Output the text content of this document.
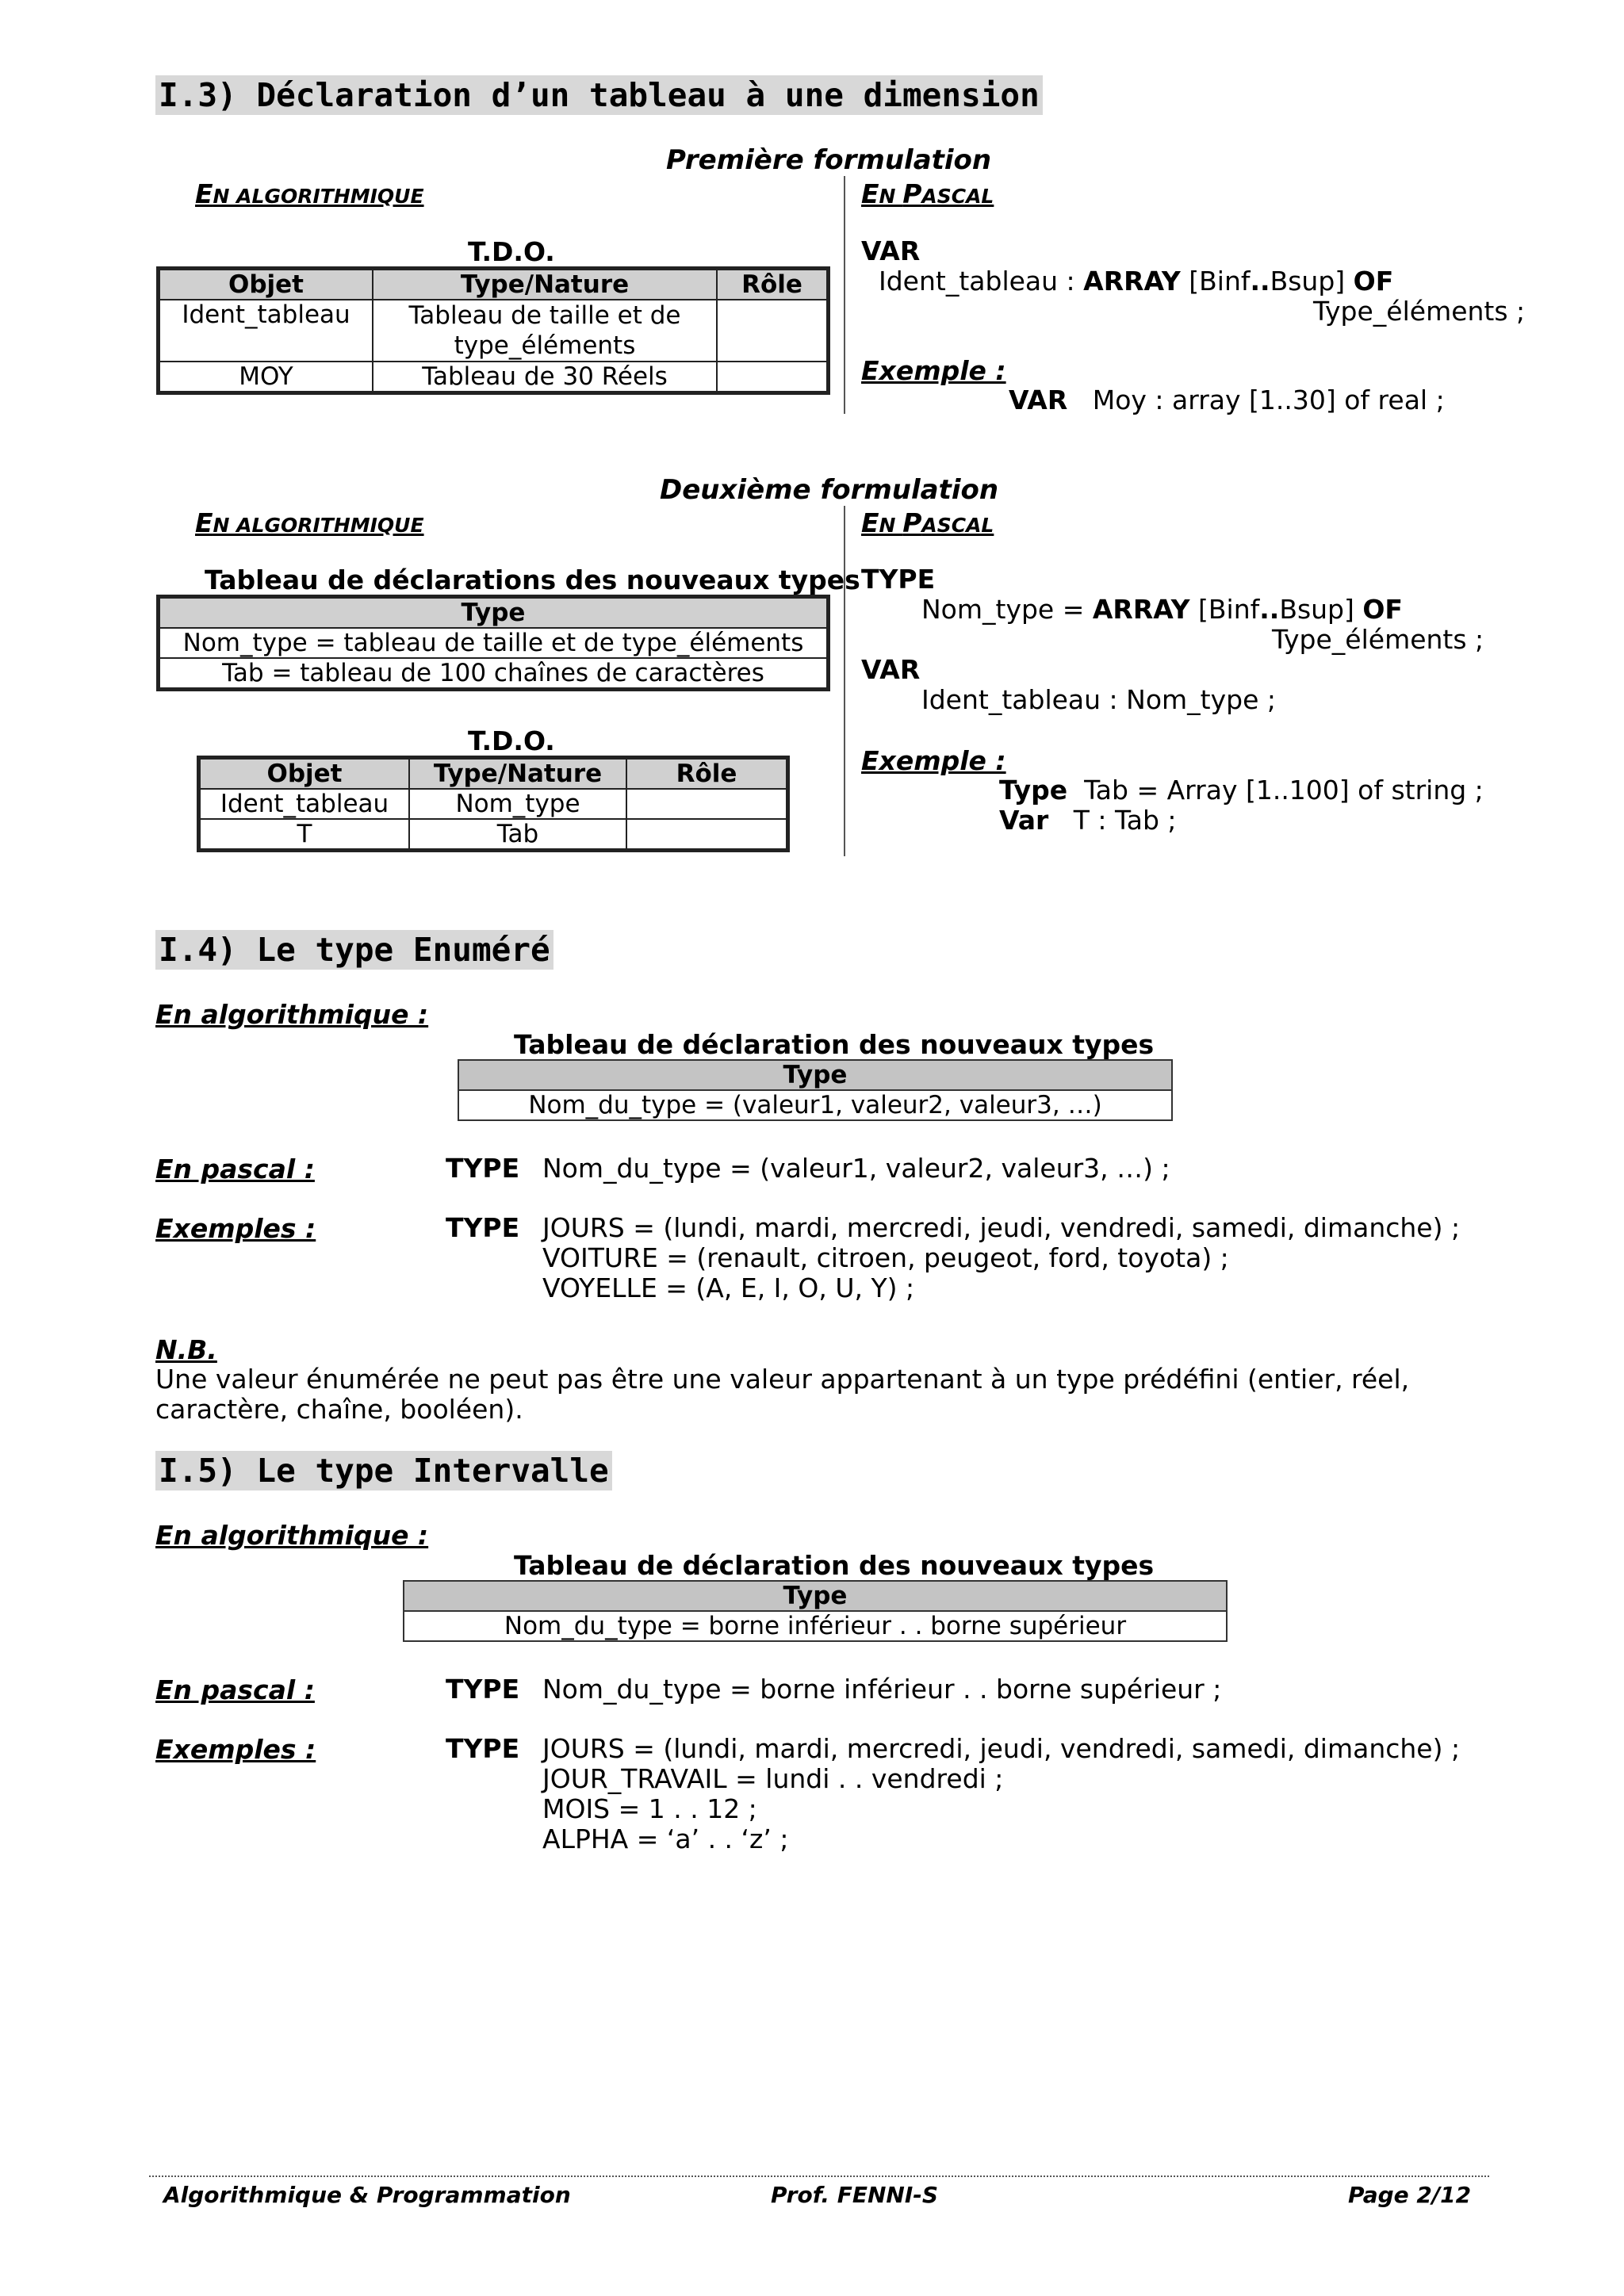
I.3) Déclaration d’un tableau à une dimension
Première formulation
EN ALGORITHMIQUE	EN PASCAL
T.D.O.
Objet	Type/Nature	Rôle
Ident_tableau	Tableau de taille et de type_éléments	
MOY	Tableau de 30 Réels	
VAR
Ident_tableau : ARRAY [Binf..Bsup] OF
Type_éléments ;
Exemple :
VAR Moy : array [1..30] of real ;
Deuxième formulation
EN ALGORITHMIQUE	EN PASCAL
Tableau de déclarations des nouveaux types
Type
Nom_type = tableau de taille et de type_éléments
Tab = tableau de 100 chaînes de caractères
T.D.O.
Objet	Type/Nature	Rôle
Ident_tableau	Nom_type	
T	Tab	
TYPE
Nom_type = ARRAY [Binf..Bsup] OF
Type_éléments ;
VAR
Ident_tableau : Nom_type ;
Exemple :
Type Tab = Array [1..100] of string ;
Var T : Tab ;
I.4) Le type Enuméré
En algorithmique :
Tableau de déclaration des nouveaux types
Type
Nom_du_type = (valeur1, valeur2, valeur3, …)
En pascal :	TYPE Nom_du_type = (valeur1, valeur2, valeur3, …) ;
Exemples :	TYPE JOURS = (lundi, mardi, mercredi, jeudi, vendredi, samedi, dimanche) ;
VOITURE = (renault, citroen, peugeot, ford, toyota) ;
VOYELLE = (A, E, I, O, U, Y) ;
N.B.
Une valeur énumérée ne peut pas être une valeur appartenant à un type prédéfini (entier, réel,
caractère, chaîne, booléen).
I.5) Le type Intervalle
En algorithmique :
Tableau de déclaration des nouveaux types
Type
Nom_du_type = borne inférieur . . borne supérieur
En pascal :	TYPE Nom_du_type = borne inférieur . . borne supérieur ;
Exemples :	TYPE JOURS = (lundi, mardi, mercredi, jeudi, vendredi, samedi, dimanche) ;
JOUR_TRAVAIL = lundi . . vendredi ;
MOIS = 1 . . 12 ;
ALPHA = ‘a’ . . ‘z’ ;
Algorithmique & Programmation	Prof. FENNI-S	Page 2/12
